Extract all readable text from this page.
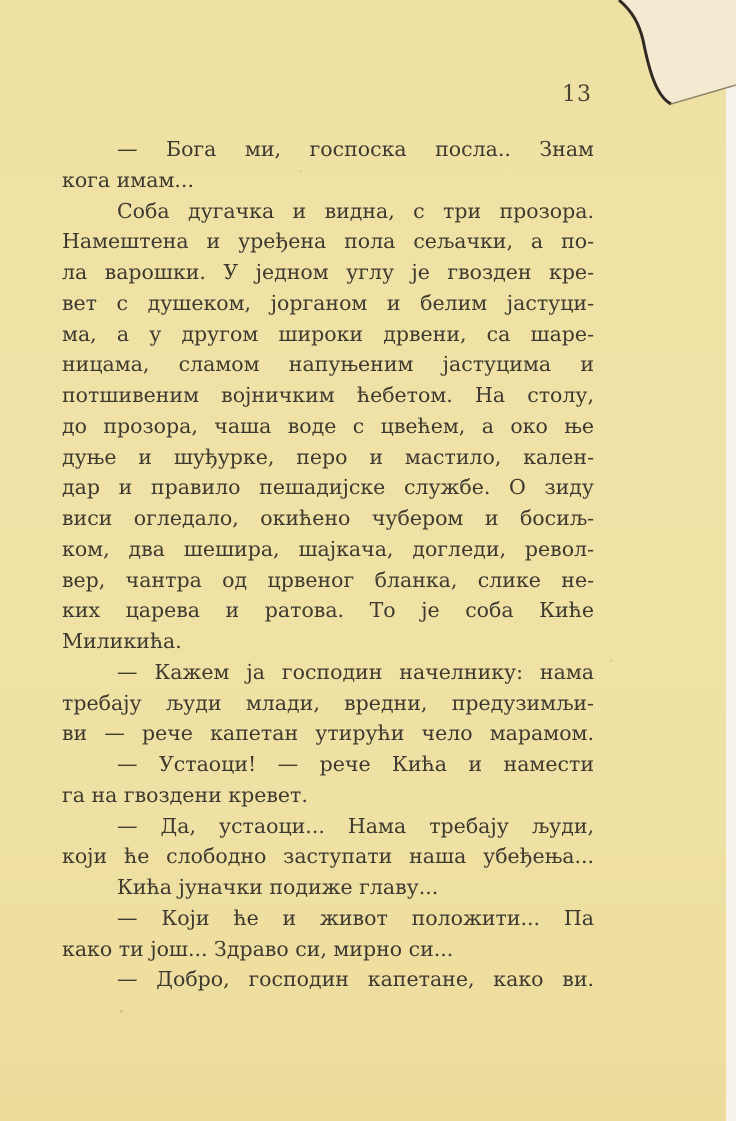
13
— Бога ми, госпоска посла.. Знам
кога имам...
Соба дугачка и видна, с три прозора.
Намештена и уређена пола сељачки, а по-
ла варошки. У једном углу је гвозден кре-
вет с душеком, јорганом и белим јастуци-
ма, а у другом широки дрвени, са шаре-
ницама, сламом напуњеним јастуцима и
потшивеним војничким ћебетом. На столу,
до прозора, чаша воде с цвећем, а око ње
дуње и шуђурке, перо и мастило, кален-
дар и правило пешадијске службе. О зиду
виси огледало, окићено чубером и босиљ-
ком, два шешира, шајкача, догледи, револ-
вер, чантра од црвеног бланка, слике не-
ких царева и ратова. То је соба Киће
Миликића.
— Кажем ја господин начелнику: нама
требају људи млади, вредни, предузимљи-
ви — рече капетан утирући чело марамом.
— Устаоци! — рече Кића и намести
га на гвоздени кревет.
— Да, устаоци... Нама требају људи,
који ће слободно заступати наша убеђења...
Кића јуначки подиже главу...
— Који ће и живот положити... Па
како ти још... Здраво си, мирно си...
— Добро, господин капетане, како ви.
